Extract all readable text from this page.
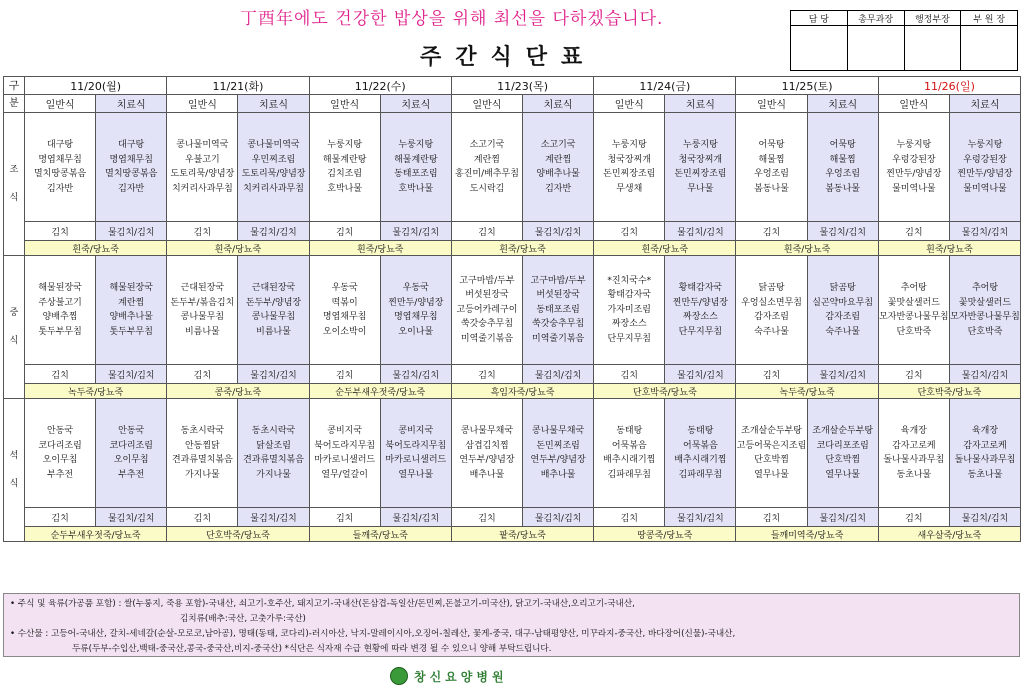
丁酉年에도 건강한 밥상을 위해 최선을 다하겠습니다.
주간식단표
담 당	총무과장	행정부장	부 원 장

구	11/20(월)		11/21(화)		11/22(수)		11/23(목)		11/24(금)		11/25(토)		11/26(일)	
분	일반식	치료식	일반식	치료식	일반식	치료식	일반식	치료식	일반식	치료식	일반식	치료식	일반식	치료식

조
식	대구탕
명엽채무침
멸치땅콩볶음
김자반	대구탕
명엽채무침
멸치땅콩볶음
김자반	콩나물미역국
우불고기
도토리묵/양념장
치커리사과무침	콩나물미역국
우민찌조림
도토리묵/양념장
치커리사과무침	누룽지탕
해물계란탕
김치조림
호박나물	누룽지탕
해물계란탕
동태포조림
호박나물	소고기국
계란찜
홍진미/배추무침
도시락김	소고기국
계란찜
양배추나물
김자반	누룽지탕
청국장찌개
돈민찌장조림
무생채	누룽지탕
청국장찌개
돈민찌장조림
무나물	어묵탕
해물찜
우엉조림
봄동나물	어묵탕
해물찜
우엉조림
봄동나물	누룽지탕
우렁강된장
찐만두/양념장
물미역나물	누룽지탕
우렁강된장
찐만두/양념장
물미역나물

	김치	물김치/김치	김치	물김치/김치	김치	물김치/김치	김치	물김치/김치	김치	물김치/김치	김치	물김치/김치	김치	물김치/김치
	흰죽/당뇨죽		흰죽/당뇨죽		흰죽/당뇨죽		흰죽/당뇨죽		흰죽/당뇨죽		흰죽/당뇨죽		흰죽/당뇨죽	

중
식	해물된장국
주상불고기
양배추찜
톳두부무침	해물된장국
계란찜
양배추나물
톳두부무침	근대된장국
돈두부/볶음김치
콩나물무침
비름나물	근대된장국
돈두부/양념장
콩나물무침
비름나물	우동국
떡볶이
명엽채무침
오이소박이	우동국
찐만두/양념장
명엽채무침
오이나물	고구마밥/두부
버섯된장국
고등어카레구이
쑥갓숭추무침
미역줄기볶음	고구마밥/두부
버섯된장국
동태포조림
쑥갓숭추무침
미역줄기볶음	*진치국수*
황태감자국
가자미조림
짜장소스
단무지무침	황태감자국
찐만두/양념장
짜장소스
단무지무침	닭곰탕
우엉실소면무침
감자조림
숙주나물	닭곰탕
실곤약마요무침
감자조림
숙주나물	추어탕
꽃맛살샐러드
모자반콩나물무침
단호박죽	추어탕
꽃맛살샐러드
모자반콩나물무침
단호박죽

	김치	물김치/김치	김치	물김치/김치	김치	물김치/김치	김치	물김치/김치	김치	물김치/김치	김치	물김치/김치	김치	물김치/김치
	녹두죽/당뇨죽		콩죽/당뇨죽		순두부새우젓죽/당뇨죽		흑임자죽/당뇨죽		단호박죽/당뇨죽		녹두죽/당뇨죽		단호박죽/당뇨죽	

석
식	안동국
코다리조림
오이무침
부추전	안동국
코다리조림
오이무침
부추전	동초시락국
안동찜닭
견과류멸치볶음
가지나물	동초시락국
닭살조림
견과류멸치볶음
가지나물	콩비지국
북어도라지무침
마카로니샐러드
열무/얼갈이	콩비지국
북어도라지무침
마카로니샐러드
열무나물	콩나물무채국
삼겹김치찜
연두부/양념장
배추나물	콩나물무채국
돈민찌조림
연두부/양념장
배추나물	동태탕
어묵볶음
배추시래기찜
김파래무침	동태탕
어묵볶음
배추시래기찜
김파래무침	조개살순두부탕
고등어묵은지조림
단호박찜
열무나물	조개살순두부탕
코다리포조림
단호박찜
열무나물	육개장
감자고로케
돌나물사과무침
동초나물	육개장
감자고로케
돌나물사과무침
동초나물

	김치	물김치/김치	김치	물김치/김치	김치	물김치/김치	김치	물김치/김치	김치	물김치/김치	김치	물김치/김치	김치	물김치/김치
	순두부새우젓죽/당뇨죽		단호박죽/당뇨죽		들깨죽/당뇨죽		팥죽/당뇨죽		땅콩죽/당뇨죽		들깨미역죽/당뇨죽		새우살죽/당뇨죽	
• 주식 및 육류(가공품 포함) : 쌀(누룽지, 죽용 포함)-국내산, 쇠고기-호주산, 돼지고기-국내산(돈삼겹-독일산/돈민찌,돈불고기-미국산), 닭고기-국내산,오리고기-국내산,
김치류(배추:국산, 고춧가루:국산)
• 수산물 : 고등어-국내산, 갈치-세네갈(순살-모로코,남아공), 명태(동태, 코다리)-러시아산, 낙지-말레이시아,오징어-칠레산, 꽃게-중국, 대구-남태평양산, 미꾸라지-중국산, 바다장어(신물)-국내산,
두류(두부-수입산,백태-중국산,콩국-중국산,비지-중국산) *식단은 식자재 수급 현황에 따라 변경 될 수 있으니 양해 부탁드립니다.
창신요양병원
